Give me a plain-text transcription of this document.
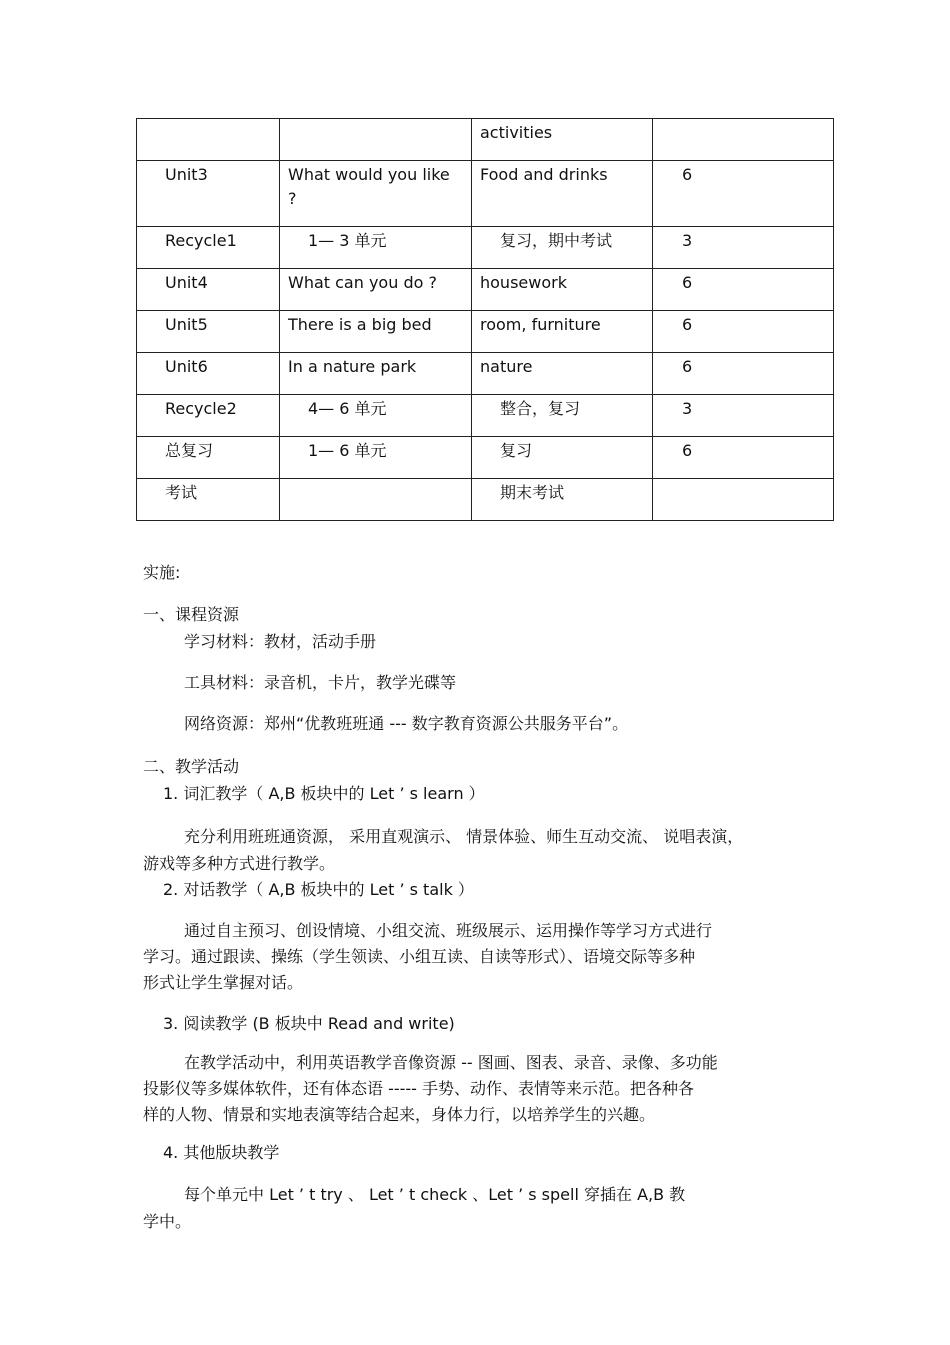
		activities	
Unit3	What would you like ?	Food and drinks	6
Recycle1	1— 3 单元	复习，期中考试	3
Unit4	What can you do ?	housework	6
Unit5	There is a big bed	room, furniture	6
Unit6	In a nature park	nature	6
Recycle2	4— 6 单元	整合，复习	3
总复习	1— 6 单元	复习	6
考试		期末考试	
实施:
一、课程资源
学习材料：教材，活动手册
工具材料：录音机，卡片，教学光碟等
网络资源：郑州“优教班班通 --- 数字教育资源公共服务平台”。
二、教学活动
1. 词汇教学（ A,B 板块中的 Let ’ s learn ）
充分利用班班通资源， 采用直观演示、 情景体验、师生互动交流、 说唱表演，
游戏等多种方式进行教学。
2. 对话教学（ A,B 板块中的 Let ’ s talk ）
通过自主预习、创设情境、小组交流、班级展示、运用操作等学习方式进行
学习。通过跟读、操练（学生领读、小组互读、自读等形式）、语境交际等多种
形式让学生掌握对话。
3. 阅读教学 (B 板块中 Read and write)
在教学活动中，利用英语教学音像资源 -- 图画、图表、录音、录像、多功能
投影仪等多媒体软件，还有体态语 ----- 手势、动作、表情等来示范。把各种各
样的人物、情景和实地表演等结合起来，身体力行，以培养学生的兴趣。
4. 其他版块教学
每个单元中 Let ’ t try 、 Let ’ t check 、Let ’ s spell 穿插在 A,B 教
学中。
